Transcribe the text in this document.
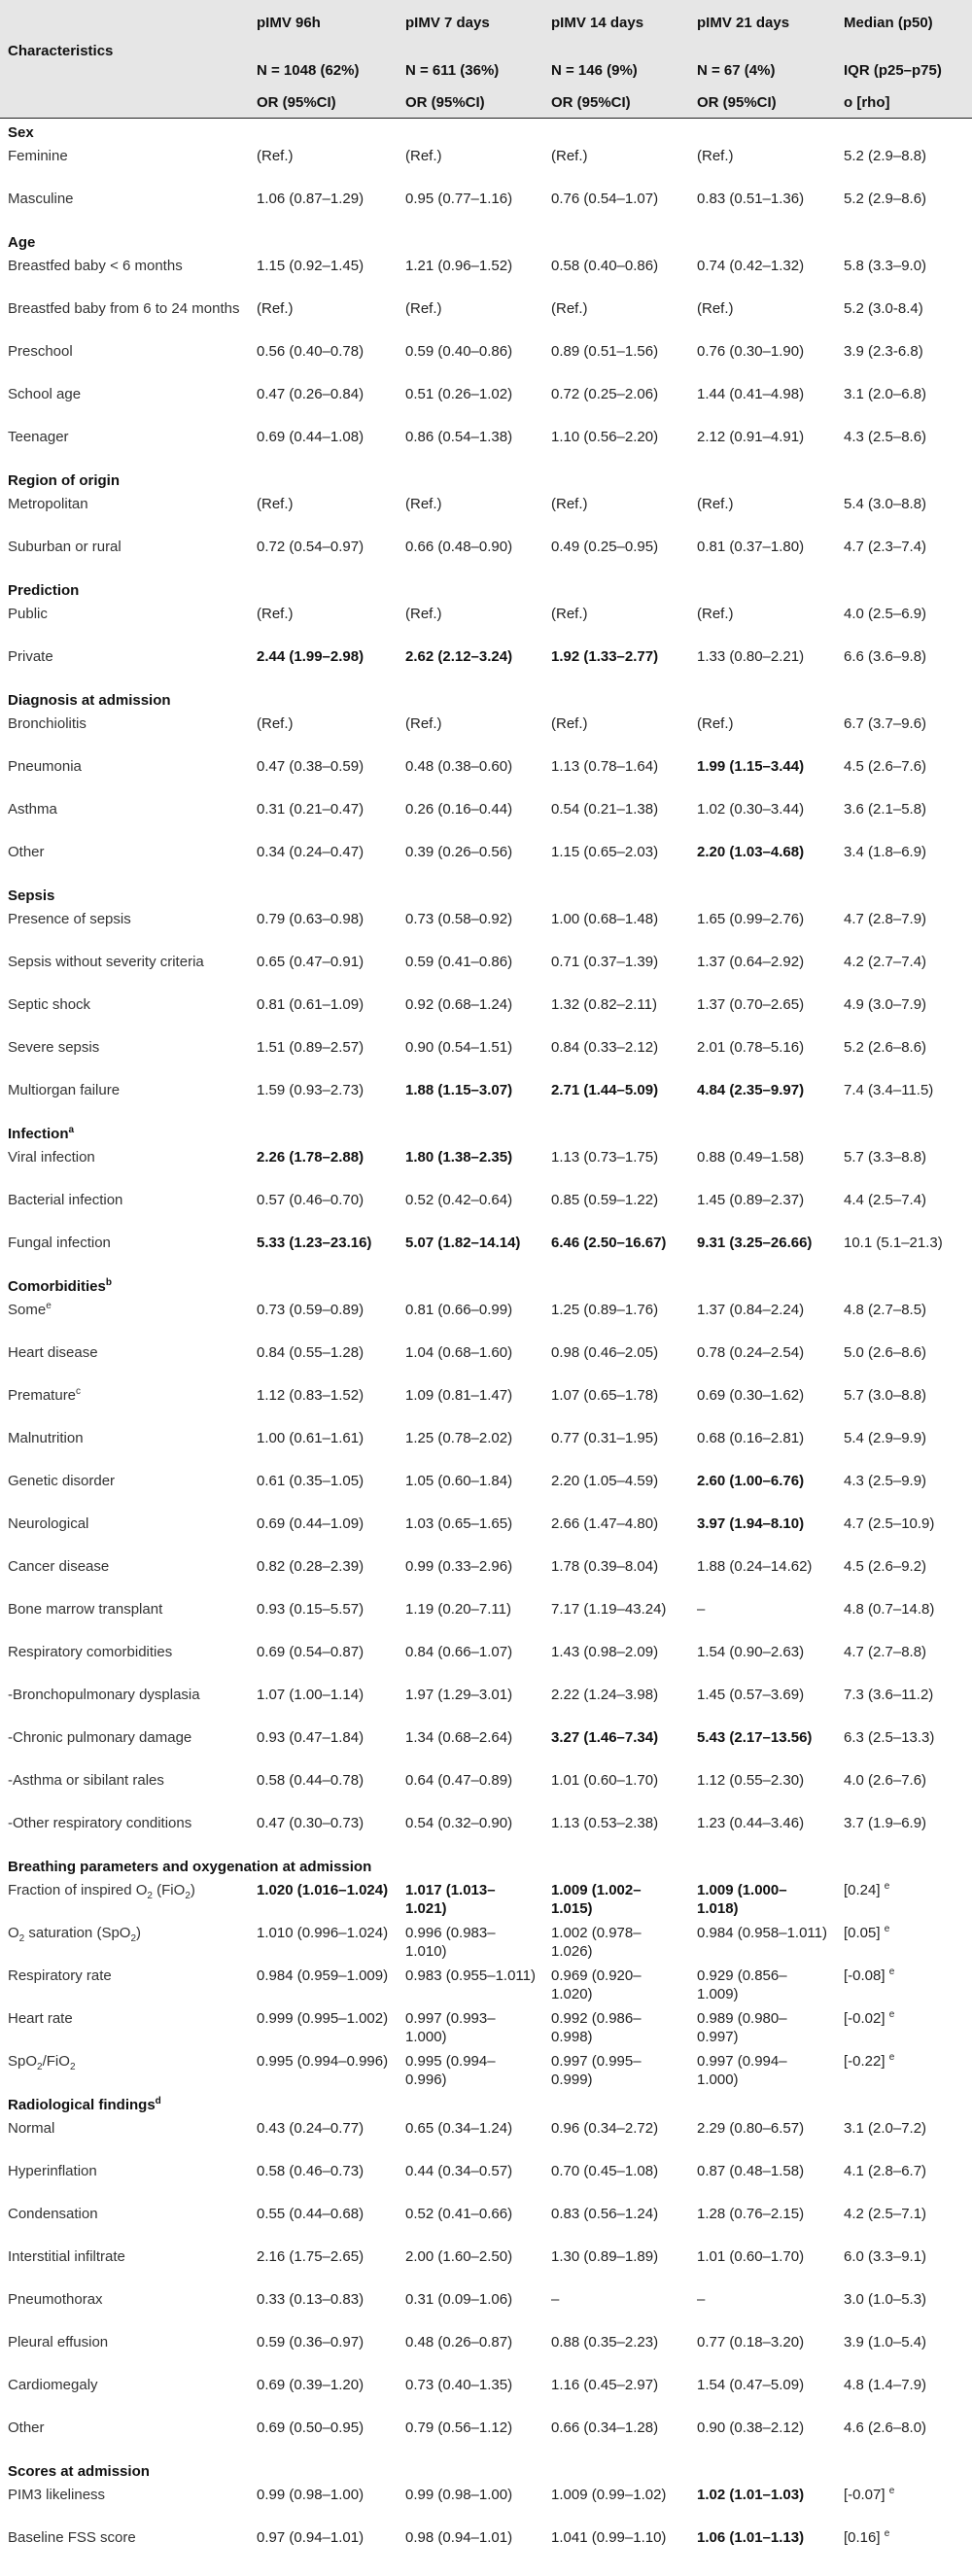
Characteristics	pIMV 96h	pIMV 7 days	pIMV 14 days	pIMV 21 days	Median (p50)
	N = 1048 (62%)	N = 611 (36%)	N = 146 (9%)	N = 67 (4%)	IQR (p25–p75)
	OR (95%CI)	OR (95%CI)	OR (95%CI)	OR (95%CI)	o [rho]
Sex					
Feminine	(Ref.)	(Ref.)	(Ref.)	(Ref.)	5.2 (2.9–8.8)
Masculine	1.06 (0.87–1.29)	0.95 (0.77–1.16)	0.76 (0.54–1.07)	0.83 (0.51–1.36)	5.2 (2.9–8.6)
Age					
Breastfed baby < 6 months	1.15 (0.92–1.45)	1.21 (0.96–1.52)	0.58 (0.40–0.86)	0.74 (0.42–1.32)	5.8 (3.3–9.0)
Breastfed baby from 6 to 24 months	(Ref.)	(Ref.)	(Ref.)	(Ref.)	5.2 (3.0-8.4)
Preschool	0.56 (0.40–0.78)	0.59 (0.40–0.86)	0.89 (0.51–1.56)	0.76 (0.30–1.90)	3.9 (2.3-6.8)
School age	0.47 (0.26–0.84)	0.51 (0.26–1.02)	0.72 (0.25–2.06)	1.44 (0.41–4.98)	3.1 (2.0–6.8)
Teenager	0.69 (0.44–1.08)	0.86 (0.54–1.38)	1.10 (0.56–2.20)	2.12 (0.91–4.91)	4.3 (2.5–8.6)
Region of origin					
Metropolitan	(Ref.)	(Ref.)	(Ref.)	(Ref.)	5.4 (3.0–8.8)
Suburban or rural	0.72 (0.54–0.97)	0.66 (0.48–0.90)	0.49 (0.25–0.95)	0.81 (0.37–1.80)	4.7 (2.3–7.4)
Prediction					
Public	(Ref.)	(Ref.)	(Ref.)	(Ref.)	4.0 (2.5–6.9)
Private	2.44 (1.99–2.98)	2.62 (2.12–3.24)	1.92 (1.33–2.77)	1.33 (0.80–2.21)	6.6 (3.6–9.8)
Diagnosis at admission					
Bronchiolitis	(Ref.)	(Ref.)	(Ref.)	(Ref.)	6.7 (3.7–9.6)
Pneumonia	0.47 (0.38–0.59)	0.48 (0.38–0.60)	1.13 (0.78–1.64)	1.99 (1.15–3.44)	4.5 (2.6–7.6)
Asthma	0.31 (0.21–0.47)	0.26 (0.16–0.44)	0.54 (0.21–1.38)	1.02 (0.30–3.44)	3.6 (2.1–5.8)
Other	0.34 (0.24–0.47)	0.39 (0.26–0.56)	1.15 (0.65–2.03)	2.20 (1.03–4.68)	3.4 (1.8–6.9)
Sepsis					
Presence of sepsis	0.79 (0.63–0.98)	0.73 (0.58–0.92)	1.00 (0.68–1.48)	1.65 (0.99–2.76)	4.7 (2.8–7.9)
Sepsis without severity criteria	0.65 (0.47–0.91)	0.59 (0.41–0.86)	0.71 (0.37–1.39)	1.37 (0.64–2.92)	4.2 (2.7–7.4)
Septic shock	0.81 (0.61–1.09)	0.92 (0.68–1.24)	1.32 (0.82–2.11)	1.37 (0.70–2.65)	4.9 (3.0–7.9)
Severe sepsis	1.51 (0.89–2.57)	0.90 (0.54–1.51)	0.84 (0.33–2.12)	2.01 (0.78–5.16)	5.2 (2.6–8.6)
Multiorgan failure	1.59 (0.93–2.73)	1.88 (1.15–3.07)	2.71 (1.44–5.09)	4.84 (2.35–9.97)	7.4 (3.4–11.5)
Infection$^a$
Viral infection	2.26 (1.78–2.88)	1.80 (1.38–2.35)	1.13 (0.73–1.75)	0.88 (0.49–1.58)	5.7 (3.3–8.8)
Bacterial infection	0.57 (0.46–0.70)	0.52 (0.42–0.64)	0.85 (0.59–1.22)	1.45 (0.89–2.37)	4.4 (2.5–7.4)
Fungal infection	5.33 (1.23–23.16)	5.07 (1.82–14.14)	6.46 (2.50–16.67)	9.31 (3.25–26.66)	10.1 (5.1–21.3)
Comorbidities$^b$
Some$^e$	0.73 (0.59–0.89)	0.81 (0.66–0.99)	1.25 (0.89–1.76)	1.37 (0.84–2.24)	4.8 (2.7–8.5)
Heart disease	0.84 (0.55–1.28)	1.04 (0.68–1.60)	0.98 (0.46–2.05)	0.78 (0.24–2.54)	5.0 (2.6–8.6)
Premature$^c$	1.12 (0.83–1.52)	1.09 (0.81–1.47)	1.07 (0.65–1.78)	0.69 (0.30–1.62)	5.7 (3.0–8.8)
Malnutrition	1.00 (0.61–1.61)	1.25 (0.78–2.02)	0.77 (0.31–1.95)	0.68 (0.16–2.81)	5.4 (2.9–9.9)
Genetic disorder	0.61 (0.35–1.05)	1.05 (0.60–1.84)	2.20 (1.05–4.59)	2.60 (1.00–6.76)	4.3 (2.5–9.9)
Neurological	0.69 (0.44–1.09)	1.03 (0.65–1.65)	2.66 (1.47–4.80)	3.97 (1.94–8.10)	4.7 (2.5–10.9)
Cancer disease	0.82 (0.28–2.39)	0.99 (0.33–2.96)	1.78 (0.39–8.04)	1.88 (0.24–14.62)	4.5 (2.6–9.2)
Bone marrow transplant	0.93 (0.15–5.57)	1.19 (0.20–7.11)	7.17 (1.19–43.24)	–	4.8 (0.7–14.8)
Respiratory comorbidities	0.69 (0.54–0.87)	0.84 (0.66–1.07)	1.43 (0.98–2.09)	1.54 (0.90–2.63)	4.7 (2.7–8.8)
-Bronchopulmonary dysplasia	1.07 (1.00–1.14)	1.97 (1.29–3.01)	2.22 (1.24–3.98)	1.45 (0.57–3.69)	7.3 (3.6–11.2)
-Chronic pulmonary damage	0.93 (0.47–1.84)	1.34 (0.68–2.64)	3.27 (1.46–7.34)	5.43 (2.17–13.56)	6.3 (2.5–13.3)
-Asthma or sibilant rales	0.58 (0.44–0.78)	0.64 (0.47–0.89)	1.01 (0.60–1.70)	1.12 (0.55–2.30)	4.0 (2.6–7.6)
-Other respiratory conditions	0.47 (0.30–0.73)	0.54 (0.32–0.90)	1.13 (0.53–2.38)	1.23 (0.44–3.46)	3.7 (1.9–6.9)
Breathing parameters and oxygenation at admission					
Fraction of inspired $O_2$ (FiO$_2$)	1.020 (1.016–1.024)	1.017 (1.013–1.021)	1.009 (1.002–1.015)	1.009 (1.000–1.018)	[0.24] $^e$
$O_2$ saturation (SpO$_2$)	1.010 (0.996–1.024)	0.996 (0.983–1.010)	1.002 (0.978–1.026)	0.984 (0.958–1.011)	[0.05] $^e$
Respiratory rate	0.984 (0.959–1.009)	0.983 (0.955–1.011)	0.969 (0.920–1.020)	0.929 (0.856–1.009)	[-0.08] $^e$
Heart rate	0.999 (0.995–1.002)	0.997 (0.993–1.000)	0.992 (0.986–0.998)	0.989 (0.980–0.997)	[-0.02] $^e$
SpO$_2$/FiO$_2$	0.995 (0.994–0.996)	0.995 (0.994–0.996)	0.997 (0.995–0.999)	0.997 (0.994–1.000)	[-0.22] $^e$
Radiological findings$^d$
Normal	0.43 (0.24–0.77)	0.65 (0.34–1.24)	0.96 (0.34–2.72)	2.29 (0.80–6.57)	3.1 (2.0–7.2)
Hyperinflation	0.58 (0.46–0.73)	0.44 (0.34–0.57)	0.70 (0.45–1.08)	0.87 (0.48–1.58)	4.1 (2.8–6.7)
Condensation	0.55 (0.44–0.68)	0.52 (0.41–0.66)	0.83 (0.56–1.24)	1.28 (0.76–2.15)	4.2 (2.5–7.1)
Interstitial infiltrate	2.16 (1.75–2.65)	2.00 (1.60–2.50)	1.30 (0.89–1.89)	1.01 (0.60–1.70)	6.0 (3.3–9.1)
Pneumothorax	0.33 (0.13–0.83)	0.31 (0.09–1.06)	–	–	3.0 (1.0–5.3)
Pleural effusion	0.59 (0.36–0.97)	0.48 (0.26–0.87)	0.88 (0.35–2.23)	0.77 (0.18–3.20)	3.9 (1.0–5.4)
Cardiomegaly	0.69 (0.39–1.20)	0.73 (0.40–1.35)	1.16 (0.45–2.97)	1.54 (0.47–5.09)	4.8 (1.4–7.9)
Other	0.69 (0.50–0.95)	0.79 (0.56–1.12)	0.66 (0.34–1.28)	0.90 (0.38–2.12)	4.6 (2.6–8.0)
Scores at admission					
PIM3 likeliness	0.99 (0.98–1.00)	0.99 (0.98–1.00)	1.009 (0.99–1.02)	1.02 (1.01–1.03)	[-0.07] $^e$
Baseline FSS score	0.97 (0.94–1.01)	0.98 (0.94–1.01)	1.041 (0.99–1.10)	1.06 (1.01–1.13)	[0.16] $^e$
